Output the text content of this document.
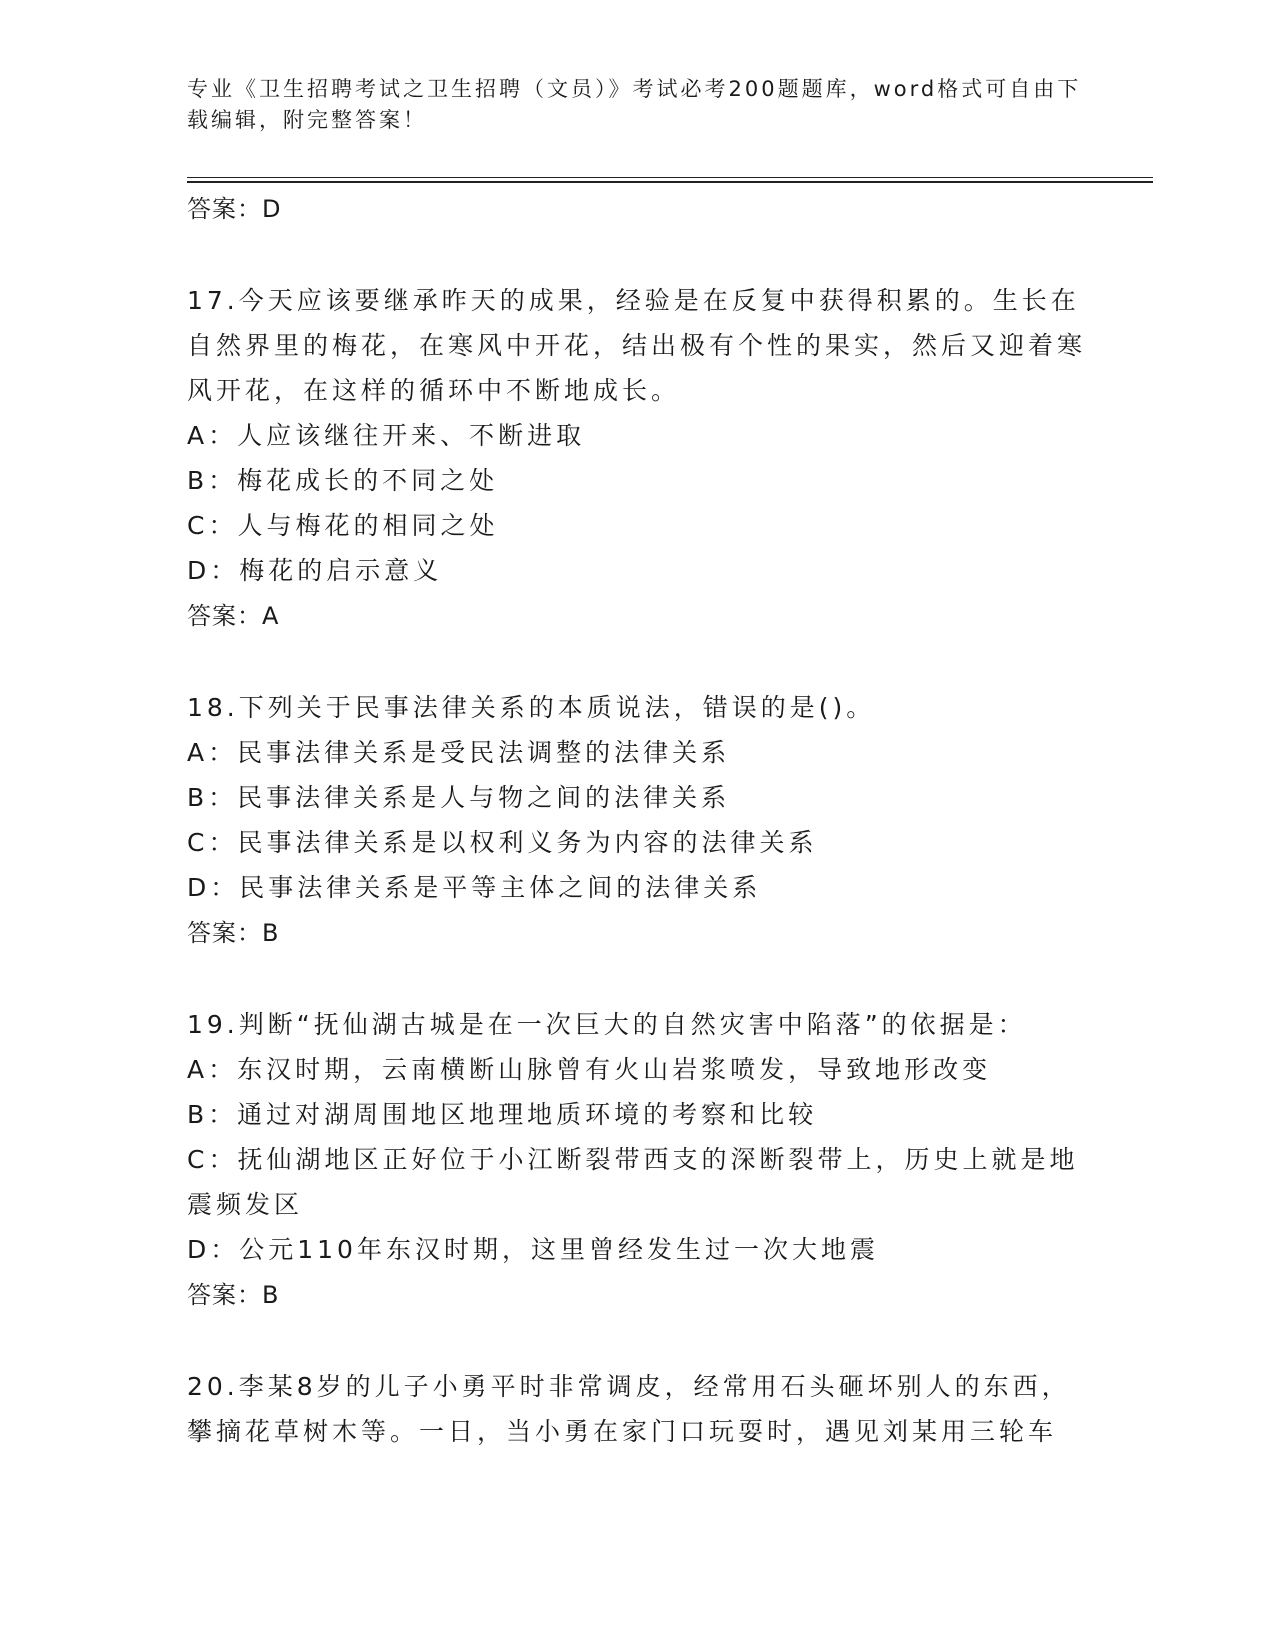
专业《卫生招聘考试之卫生招聘（文员）》考试必考200题题库，word格式可自由下载编辑，附完整答案！
答案：D
17.今天应该要继承昨天的成果，经验是在反复中获得积累的。生长在自然界里的梅花，在寒风中开花，结出极有个性的果实，然后又迎着寒风开花，在这样的循环中不断地成长。
A：人应该继往开来、不断进取
B：梅花成长的不同之处
C：人与梅花的相同之处
D：梅花的启示意义
答案：A
18.下列关于民事法律关系的本质说法，错误的是()。
A：民事法律关系是受民法调整的法律关系
B：民事法律关系是人与物之间的法律关系
C：民事法律关系是以权利义务为内容的法律关系
D：民事法律关系是平等主体之间的法律关系
答案：B
19.判断“抚仙湖古城是在一次巨大的自然灾害中陷落”的依据是：
A：东汉时期，云南横断山脉曾有火山岩浆喷发，导致地形改变
B：通过对湖周围地区地理地质环境的考察和比较
C：抚仙湖地区正好位于小江断裂带西支的深断裂带上，历史上就是地震频发区
D：公元110年东汉时期，这里曾经发生过一次大地震
答案：B
20.李某8岁的儿子小勇平时非常调皮，经常用石头砸坏别人的东西，攀摘花草树木等。一日，当小勇在家门口玩耍时，遇见刘某用三轮车
